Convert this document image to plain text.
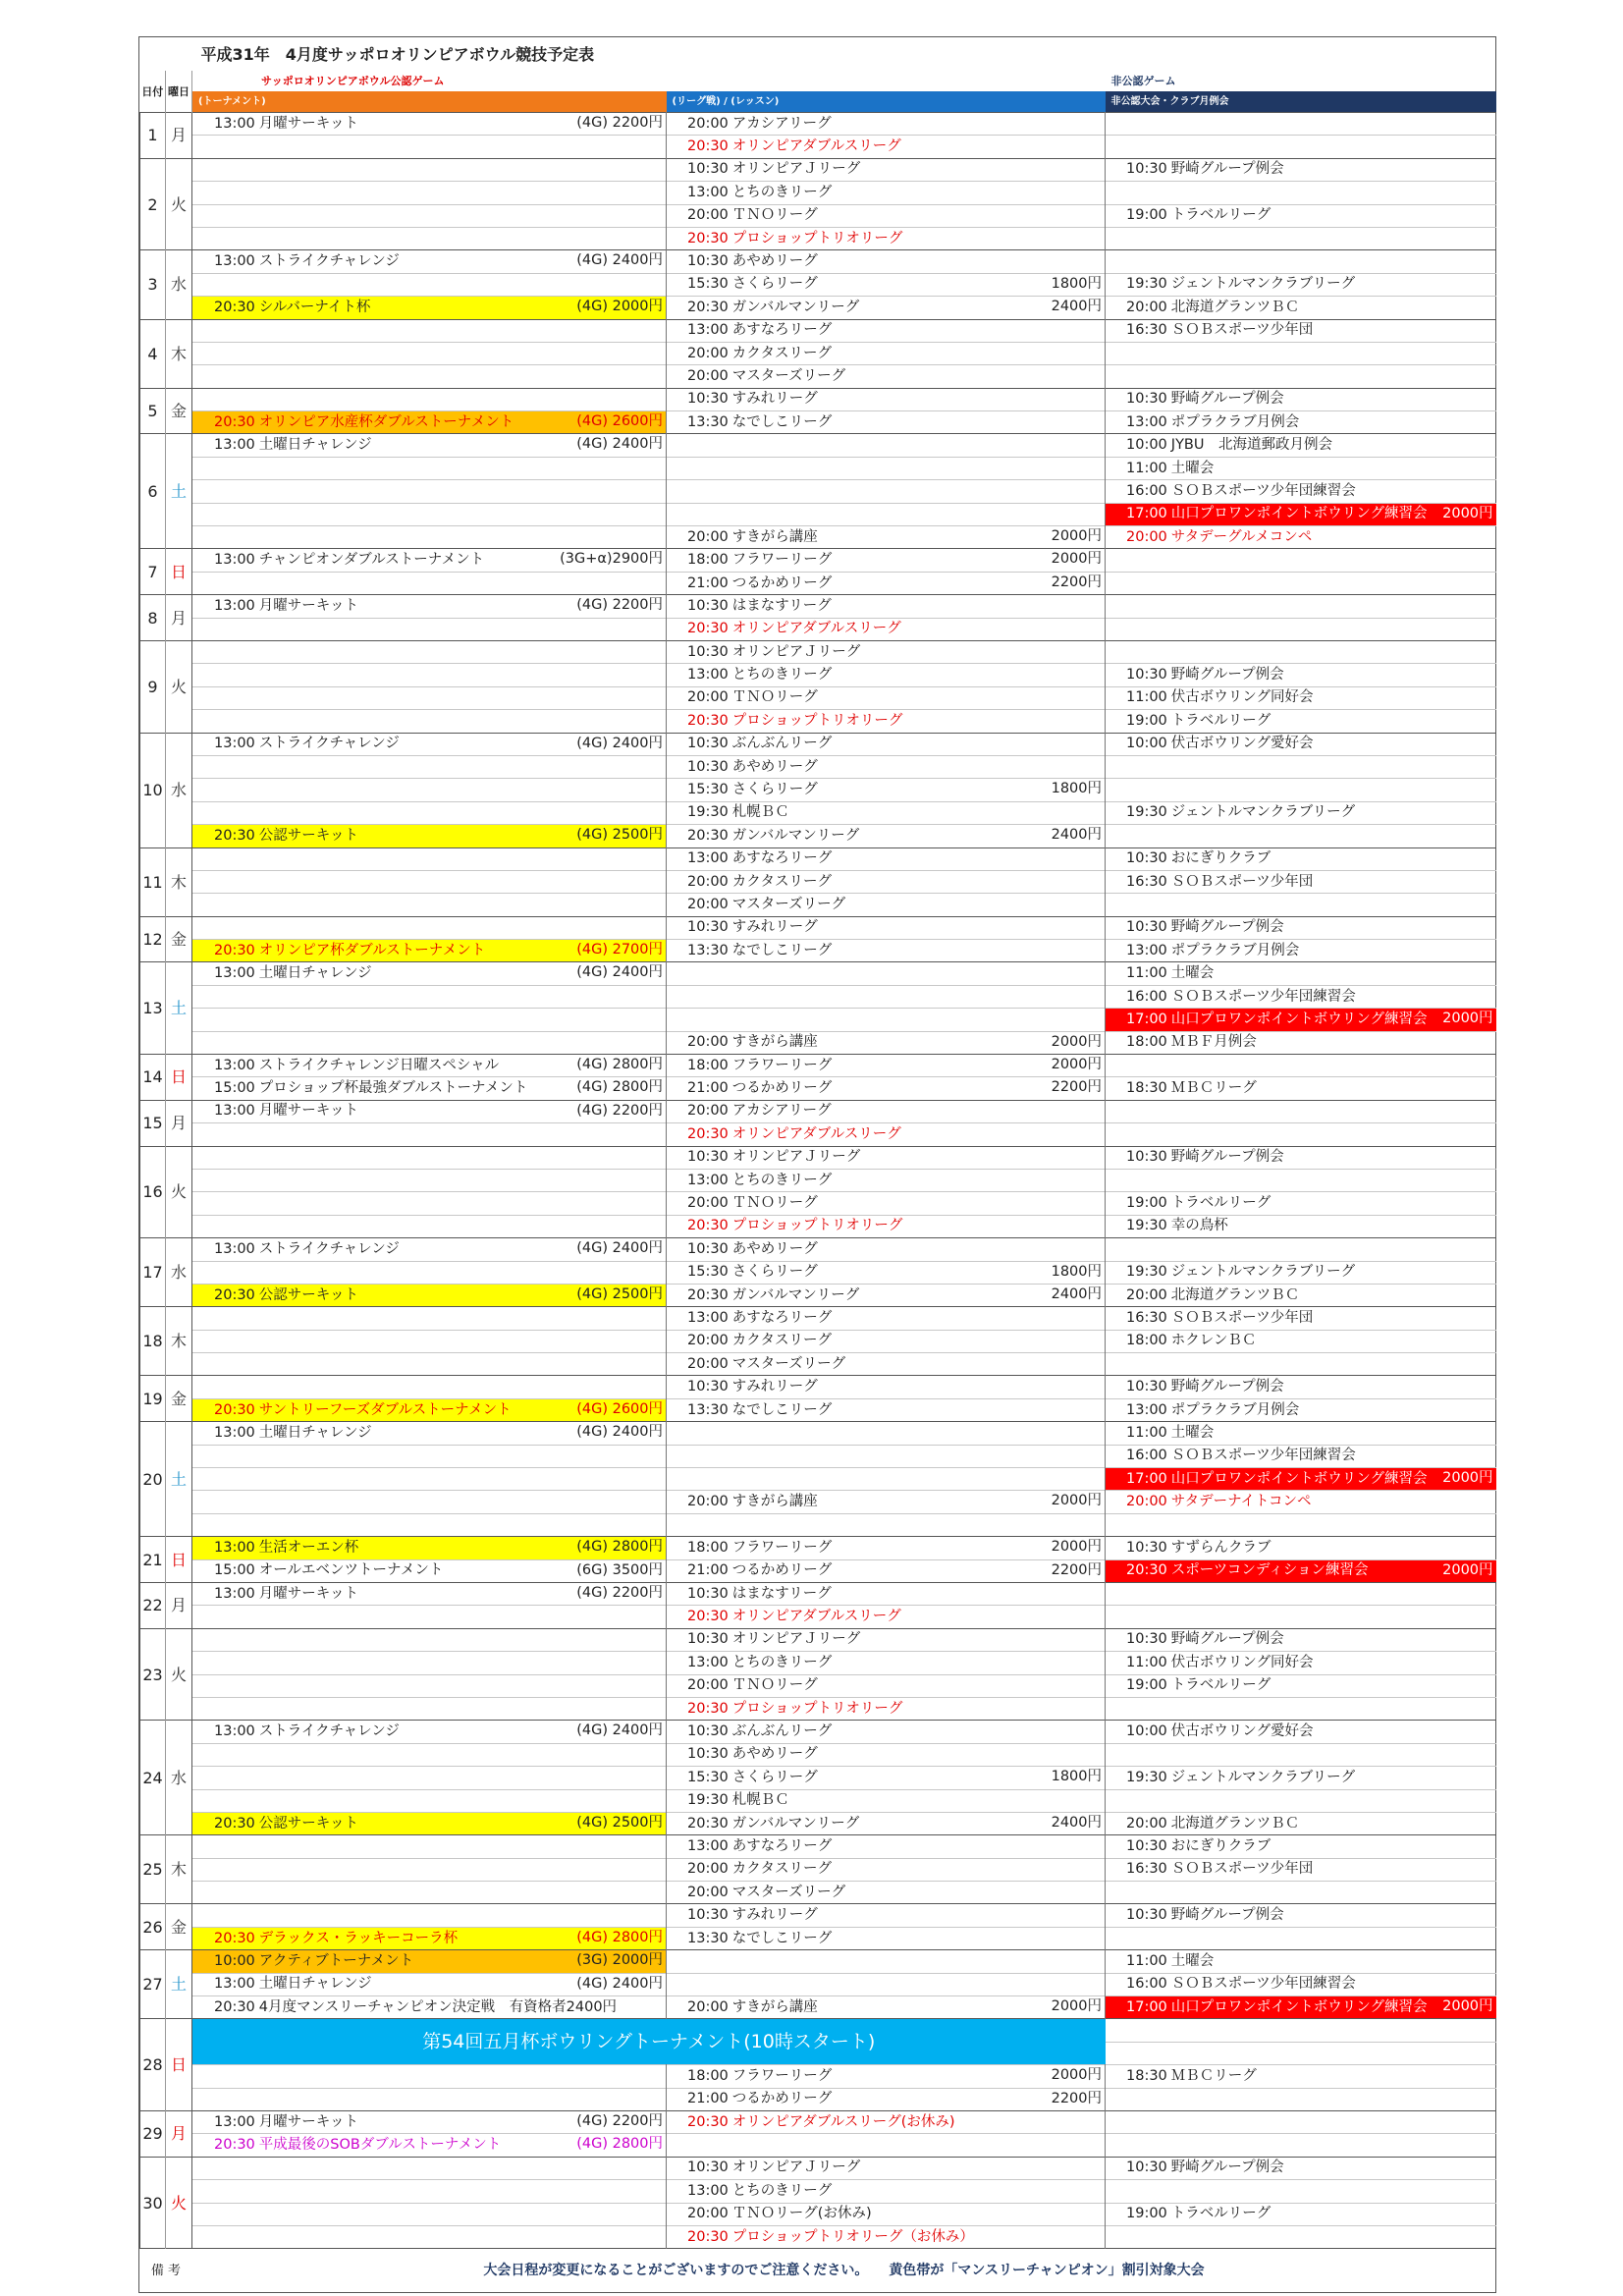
平成31年　4月度サッポロオリンピアボウル競技予定表				
日付	曜日	サッポロオリンピアボウル公認ゲーム		非公認ゲーム
		(トーナメント)	(リーグ戦) / (レッスン)	非公認大会・クラブ月例会
1	月	13:00 月曜サーキット (4G) 2200円	20:00 アカシアリーグ	
			20:30 オリンピアダブルスリーグ	
2	火		10:30 オリンピアＪリーグ	10:30 野崎グループ例会
			13:00 とちのきリーグ	
			20:00 ＴＮＯリーグ	19:00 トラベルリーグ
			20:30 プロショップトリオリーグ	
3	水	13:00 ストライクチャレンジ (4G) 2400円	10:30 あやめリーグ	
			15:30 さくらリーグ 1800円	19:30 ジェントルマンクラブリーグ
		20:30 シルバーナイト杯 (4G) 2000円	20:30 ガンバルマンリーグ 2400円	20:00 北海道グランツＢＣ
4	木		13:00 あすなろリーグ	16:30 ＳＯＢスポーツ少年団
			20:00 カクタスリーグ	
			20:00 マスターズリーグ	
5	金		10:30 すみれリーグ	10:30 野崎グループ例会
		20:30 オリンピア水産杯ダブルストーナメント (4G) 2600円	13:30 なでしこリーグ	13:00 ポプラクラブ月例会
6	土	13:00 土曜日チャレンジ (4G) 2400円		10:00 JYBU　北海道郵政月例会
				11:00 土曜会
				16:00 ＳＯＢスポーツ少年団練習会
				17:00 山口プロワンポイントボウリング練習会 2000円

			20:00 すきがら講座 2000円	20:00 サタデーグルメコンペ
7	日	13:00 チャンピオンダブルストーナメント (3G+α)2900円	18:00 フラワーリーグ 2000円	

			21:00 つるかめリーグ 2200円	

8	月	13:00 月曜サーキット (4G) 2200円	10:30 はまなすリーグ	
			20:30 オリンピアダブルスリーグ	
9	火		10:30 オリンピアＪリーグ	
			13:00 とちのきリーグ	10:30 野崎グループ例会
			20:00 ＴＮＯリーグ	11:00 伏古ボウリング同好会
			20:30 プロショップトリオリーグ	19:00 トラベルリーグ
10	水	13:00 ストライクチャレンジ (4G) 2400円	10:30 ぶんぶんリーグ	10:00 伏古ボウリング愛好会
			10:30 あやめリーグ	
			15:30 さくらリーグ 1800円	

			19:30 札幌ＢＣ	19:30 ジェントルマンクラブリーグ
		20:30 公認サーキット (4G) 2500円	20:30 ガンバルマンリーグ 2400円	

11	木		13:00 あすなろリーグ	10:30 おにぎりクラブ
			20:00 カクタスリーグ	16:30 ＳＯＢスポーツ少年団
			20:00 マスターズリーグ	
12	金		10:30 すみれリーグ	10:30 野崎グループ例会
		20:30 オリンピア杯ダブルストーナメント (4G) 2700円	13:30 なでしこリーグ	13:00 ポプラクラブ月例会
13	土	13:00 土曜日チャレンジ (4G) 2400円		11:00 土曜会
				16:00 ＳＯＢスポーツ少年団練習会
				17:00 山口プロワンポイントボウリング練習会 2000円

			20:00 すきがら講座 2000円	18:00 ＭＢＦ月例会
14	日	13:00 ストライクチャレンジ日曜スペシャル (4G) 2800円	18:00 フラワーリーグ 2000円	

		15:00 プロショップ杯最強ダブルストーナメント (4G) 2800円	21:00 つるかめリーグ 2200円	18:30 ＭＢＣリーグ
15	月	13:00 月曜サーキット (4G) 2200円	20:00 アカシアリーグ	
			20:30 オリンピアダブルスリーグ	
16	火		10:30 オリンピアＪリーグ	10:30 野崎グループ例会
			13:00 とちのきリーグ	
			20:00 ＴＮＯリーグ	19:00 トラベルリーグ
			20:30 プロショップトリオリーグ	19:30 幸の鳥杯
17	水	13:00 ストライクチャレンジ (4G) 2400円	10:30 あやめリーグ	
			15:30 さくらリーグ 1800円	19:30 ジェントルマンクラブリーグ
		20:30 公認サーキット (4G) 2500円	20:30 ガンバルマンリーグ 2400円	20:00 北海道グランツＢＣ
18	木		13:00 あすなろリーグ	16:30 ＳＯＢスポーツ少年団
			20:00 カクタスリーグ	18:00 ホクレンＢＣ
			20:00 マスターズリーグ	
19	金		10:30 すみれリーグ	10:30 野崎グループ例会
		20:30 サントリーフーズダブルストーナメント (4G) 2600円	13:30 なでしこリーグ	13:00 ポプラクラブ月例会
20	土	13:00 土曜日チャレンジ (4G) 2400円		11:00 土曜会
				16:00 ＳＯＢスポーツ少年団練習会
				17:00 山口プロワンポイントボウリング練習会 2000円

			20:00 すきがら講座 2000円	20:00 サタデーナイトコンペ

21	日	13:00 生活オーエン杯 (4G) 2800円	18:00 フラワーリーグ 2000円	10:30 すずらんクラブ
		15:00 オールエベンツトーナメント (6G) 3500円	21:00 つるかめリーグ 2200円	20:30 スポーツコンディション練習会 2000円

22	月	13:00 月曜サーキット (4G) 2200円	10:30 はまなすリーグ	
			20:30 オリンピアダブルスリーグ	
23	火		10:30 オリンピアＪリーグ	10:30 野崎グループ例会
			13:00 とちのきリーグ	11:00 伏古ボウリング同好会
			20:00 ＴＮＯリーグ	19:00 トラベルリーグ
			20:30 プロショップトリオリーグ	
24	水	13:00 ストライクチャレンジ (4G) 2400円	10:30 ぶんぶんリーグ	10:00 伏古ボウリング愛好会
			10:30 あやめリーグ	
			15:30 さくらリーグ 1800円	19:30 ジェントルマンクラブリーグ
			19:30 札幌ＢＣ	
		20:30 公認サーキット (4G) 2500円	20:30 ガンバルマンリーグ 2400円	20:00 北海道グランツＢＣ
25	木		13:00 あすなろリーグ	10:30 おにぎりクラブ
			20:00 カクタスリーグ	16:30 ＳＯＢスポーツ少年団
			20:00 マスターズリーグ	
26	金		10:30 すみれリーグ	10:30 野崎グループ例会
		20:30 デラックス・ラッキーコーラ杯 (4G) 2800円	13:30 なでしこリーグ	
27	土	10:00 アクティブトーナメント (3G) 2000円		11:00 土曜会
		13:00 土曜日チャレンジ (4G) 2400円		16:00 ＳＯＢスポーツ少年団練習会
		20:30 4月度マンスリーチャンピオン決定戦　有資格者2400円	20:00 すきがら講座 2000円	17:00 山口プロワンポイントボウリング練習会 2000円

28	日	第54回五月杯ボウリングトーナメント(10時スタート)		

			18:00 フラワーリーグ 2000円	18:30 ＭＢＣリーグ
			21:00 つるかめリーグ 2200円	

29	月	13:00 月曜サーキット (4G) 2200円	20:30 オリンピアダブルスリーグ(お休み)	
		20:30 平成最後のSOBダブルストーナメント (4G) 2800円		

30	火		10:30 オリンピアＪリーグ	10:30 野崎グループ例会
			13:00 とちのきリーグ	
			20:00 ＴＮＯリーグ(お休み)	19:00 トラベルリーグ
			20:30 プロショップトリオリーグ（お休み）	
備 考		大会日程が変更になることがございますのでご注意ください。　　黄色帯が「マンスリーチャンピオン」割引対象大会		
